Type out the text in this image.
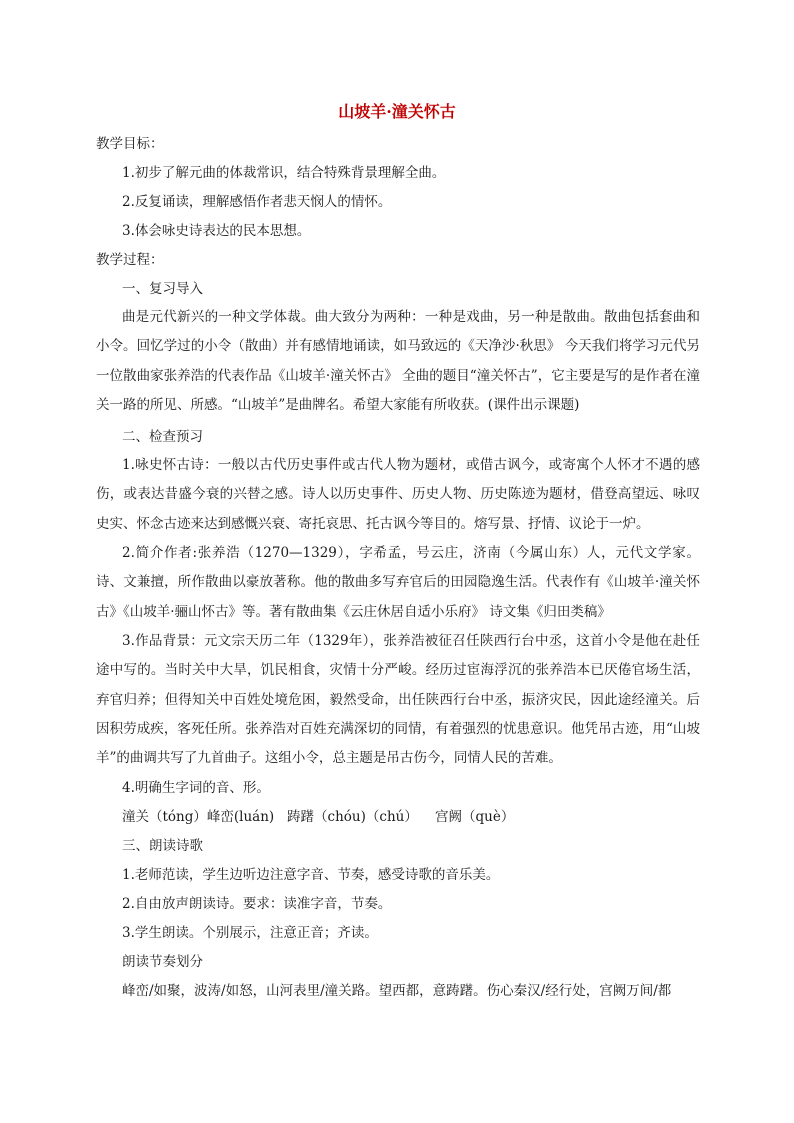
山坡羊·潼关怀古
教学目标：
1.初步了解元曲的体裁常识，结合特殊背景理解全曲。
2.反复诵读，理解感悟作者悲天悯人的情怀。
3.体会咏史诗表达的民本思想。
教学过程：
一、复习导入
曲是元代新兴的一种文学体裁。曲大致分为两种：一种是戏曲，另一种是散曲。散曲包括套曲和小令。回忆学过的小令（散曲）并有感情地诵读，如马致远的《天净沙·秋思》 今天我们将学习元代另一位散曲家张养浩的代表作品《山坡羊·潼关怀古》 全曲的题目“潼关怀古”，它主要是写的是作者在潼关一路的所见、所感。“山坡羊”是曲牌名。希望大家能有所收获。(课件出示课题)
二、检查预习
1.咏史怀古诗：一般以古代历史事件或古代人物为题材，或借古讽今，或寄寓个人怀才不遇的感伤，或表达昔盛今衰的兴替之感。诗人以历史事件、历史人物、历史陈迹为题材，借登高望远、咏叹史实、怀念古迹来达到感慨兴衰、寄托哀思、托古讽今等目的。熔写景、抒情、议论于一炉。
2.简介作者:张养浩（1270—1329），字希孟，号云庄，济南（今属山东）人，元代文学家。诗、文兼擅，所作散曲以豪放著称。他的散曲多写弃官后的田园隐逸生活。代表作有《山坡羊·潼关怀古》《山坡羊·骊山怀古》等。著有散曲集《云庄休居自适小乐府》 诗文集《归田类稿》
3.作品背景：元文宗天历二年（1329年），张养浩被征召任陕西行台中丞，这首小令是他在赴任途中写的。当时关中大旱，饥民相食，灾情十分严峻。经历过宦海浮沉的张养浩本已厌倦官场生活，弃官归养；但得知关中百姓处境危困，毅然受命，出任陕西行台中丞，振济灾民，因此途经潼关。后因积劳成疾，客死任所。张养浩对百姓充满深切的同情，有着强烈的忧患意识。他凭吊古迹，用“山坡羊”的曲调共写了九首曲子。这组小令，总主题是吊古伤今，同情人民的苦难。
4.明确生字词的音、形。
潼关（tóng）峰峦(luán)   踌躇（chóu)（chú）    宫阙（què）
三、朗读诗歌
1.老师范读，学生边听边注意字音、节奏，感受诗歌的音乐美。
2.自由放声朗读诗。要求：读准字音，节奏。
3.学生朗读。个别展示，注意正音；齐读。
朗读节奏划分
峰峦/如聚，波涛/如怒，山河表里/潼关路。望西都，意踌躇。伤心秦汉/经行处，宫阙万间/都
